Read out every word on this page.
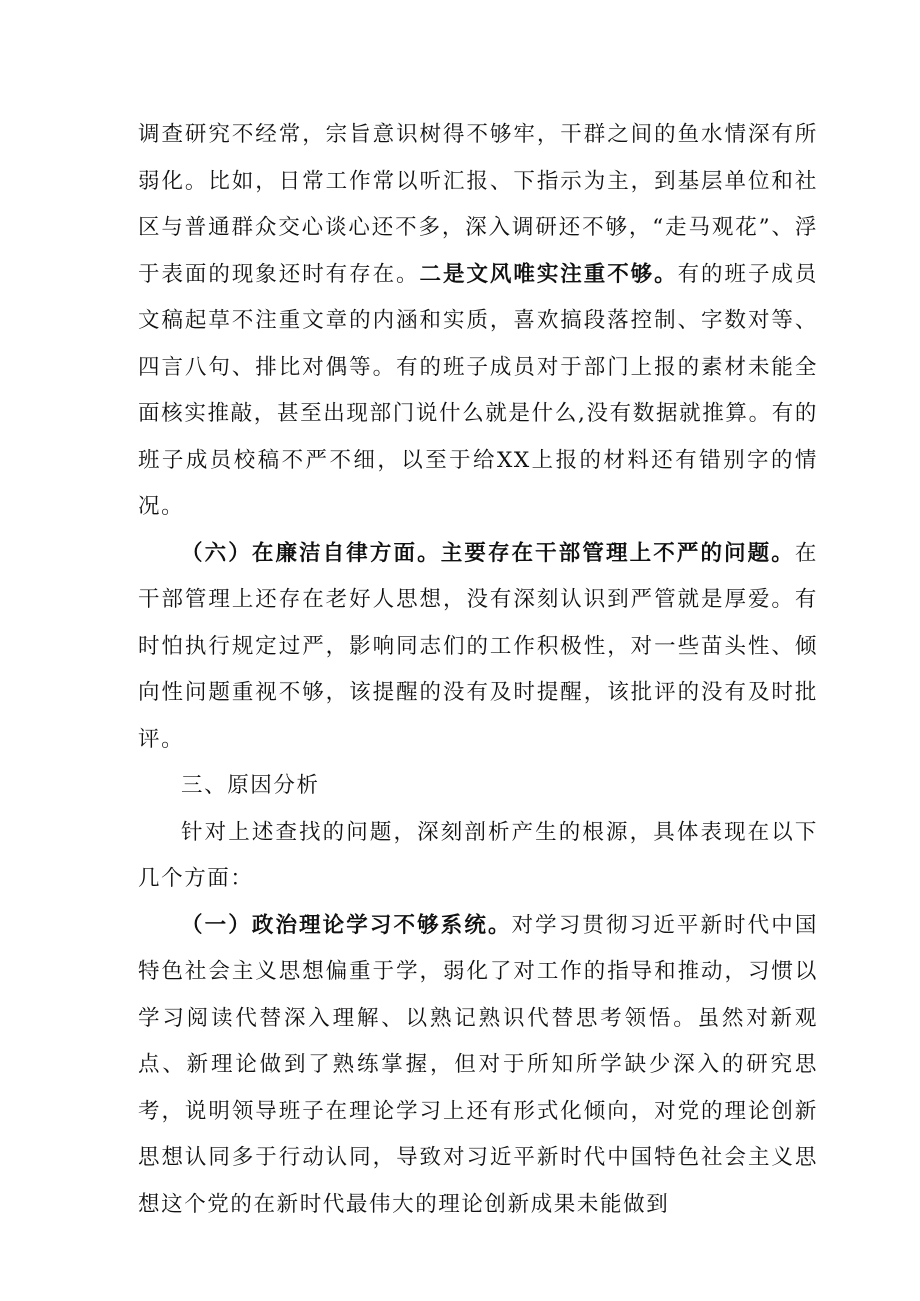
调查研究不经常，宗旨意识树得不够牢，干群之间的鱼水情深有所弱化。比如，日常工作常以听汇报、下指示为主，到基层单位和社区与普通群众交心谈心还不多，深入调研还不够，“走马观花”、浮于表面的现象还时有存在。二是文风唯实注重不够。有的班子成员文稿起草不注重文章的内涵和实质，喜欢搞段落控制、字数对等、四言八句、排比对偶等。有的班子成员对于部门上报的素材未能全面核实推敲，甚至出现部门说什么就是什么,没有数据就推算。有的班子成员校稿不严不细，以至于给XX上报的材料还有错别字的情况。

（六）在廉洁自律方面。主要存在干部管理上不严的问题。在干部管理上还存在老好人思想，没有深刻认识到严管就是厚爱。有时怕执行规定过严，影响同志们的工作积极性，对一些苗头性、倾向性问题重视不够，该提醒的没有及时提醒，该批评的没有及时批评。

三、原因分析

针对上述查找的问题，深刻剖析产生的根源，具体表现在以下几个方面：

（一）政治理论学习不够系统。对学习贯彻习近平新时代中国特色社会主义思想偏重于学，弱化了对工作的指导和推动，习惯以学习阅读代替深入理解、以熟记熟识代替思考领悟。虽然对新观点、新理论做到了熟练掌握，但对于所知所学缺少深入的研究思考，说明领导班子在理论学习上还有形式化倾向，对党的理论创新思想认同多于行动认同，导致对习近平新时代中国特色社会主义思想这个党的在新时代最伟大的理论创新成果未能做到
